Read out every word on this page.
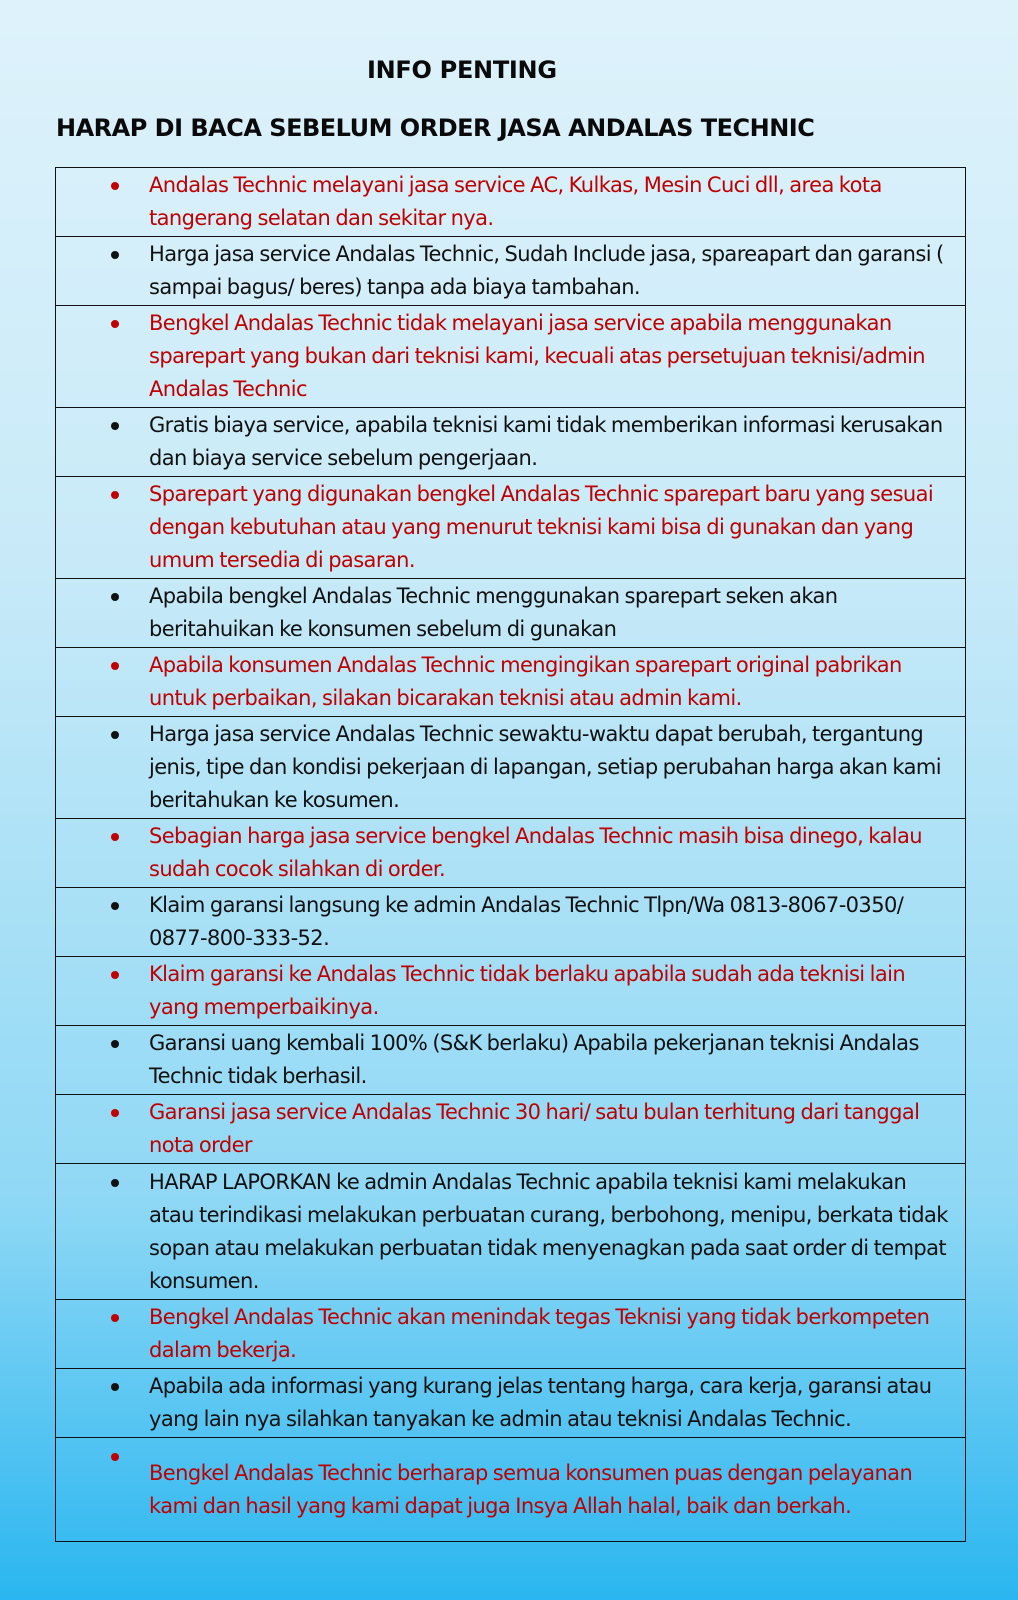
INFO PENTING
HARAP DI BACA SEBELUM ORDER JASA ANDALAS TECHNIC
Andalas Technic melayani jasa service AC, Kulkas, Mesin Cuci dll, area kota tangerang selatan dan sekitar nya.
Harga jasa service Andalas Technic, Sudah Include jasa, spareapart dan garansi ( sampai bagus/ beres) tanpa ada biaya tambahan.
Bengkel Andalas Technic tidak melayani jasa service apabila menggunakan sparepart yang bukan dari teknisi kami, kecuali atas persetujuan teknisi/admin Andalas Technic
Gratis biaya service, apabila teknisi kami tidak memberikan informasi kerusakan dan biaya service sebelum pengerjaan.
Sparepart yang digunakan bengkel Andalas Technic sparepart baru yang sesuai dengan kebutuhan atau yang menurut teknisi kami bisa di gunakan dan yang umum tersedia di pasaran.
Apabila bengkel Andalas Technic menggunakan sparepart seken akan beritahuikan ke konsumen sebelum di gunakan
Apabila konsumen Andalas Technic mengingikan sparepart original pabrikan untuk perbaikan, silakan bicarakan teknisi atau admin kami.
Harga jasa service Andalas Technic sewaktu-waktu dapat berubah, tergantung jenis, tipe dan kondisi pekerjaan di lapangan, setiap perubahan harga akan kami beritahukan ke kosumen.
Sebagian harga jasa service bengkel Andalas Technic masih bisa dinego, kalau sudah cocok silahkan di order.
Klaim garansi langsung ke admin Andalas Technic Tlpn/Wa 0813-8067-0350/ 0877-800-333-52.
Klaim garansi ke Andalas Technic tidak berlaku apabila sudah ada teknisi lain yang memperbaikinya.
Garansi uang kembali 100% (S&K berlaku) Apabila pekerjanan teknisi Andalas Technic tidak berhasil.
Garansi jasa service Andalas Technic 30 hari/ satu bulan terhitung dari tanggal nota order
HARAP LAPORKAN ke admin Andalas Technic apabila teknisi kami melakukan atau terindikasi melakukan perbuatan curang, berbohong, menipu, berkata tidak sopan atau melakukan perbuatan tidak menyenagkan pada saat order di tempat konsumen.
Bengkel Andalas Technic akan menindak tegas Teknisi yang tidak berkompeten dalam bekerja.
Apabila ada informasi yang kurang jelas tentang harga, cara kerja, garansi atau yang lain nya silahkan tanyakan ke admin atau teknisi Andalas Technic.
Bengkel Andalas Technic berharap semua konsumen puas dengan pelayanan kami dan hasil yang kami dapat juga Insya Allah halal, baik dan berkah.
